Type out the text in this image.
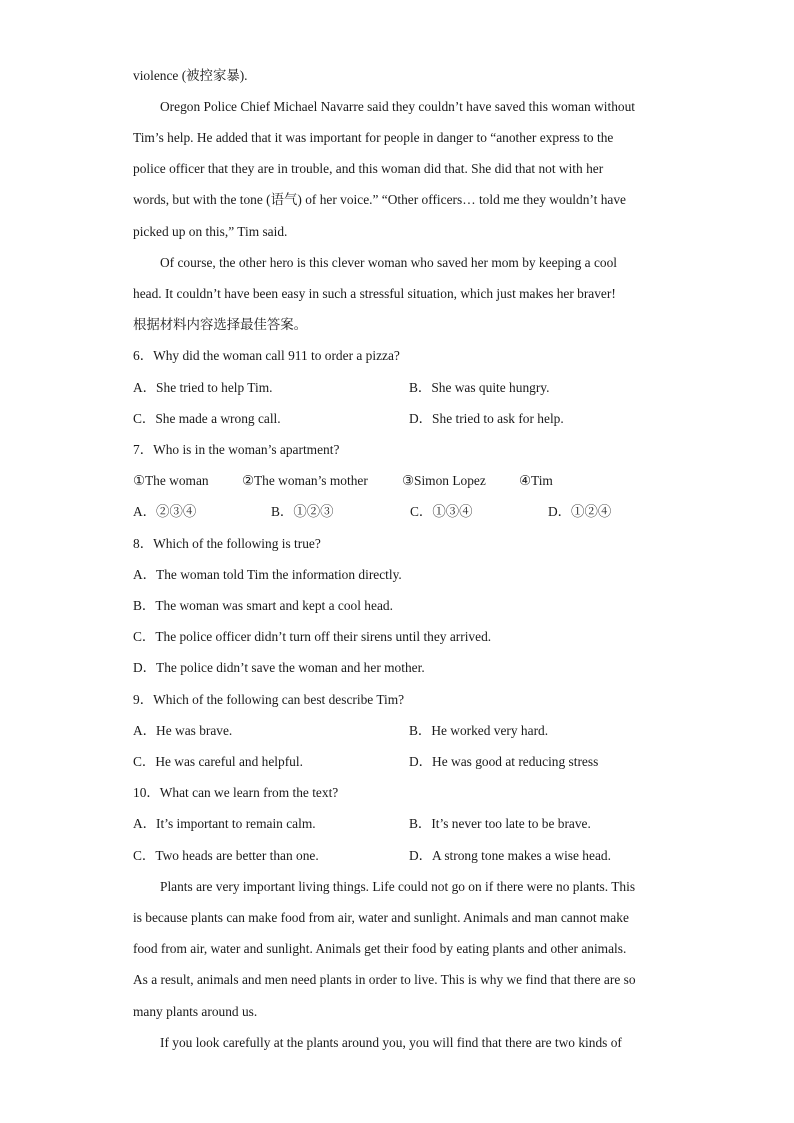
violence (被控家暴).
Oregon Police Chief Michael Navarre said they couldn’t have saved this woman without
Tim’s help. He added that it was important for people in danger to “another express to the
police officer that they are in trouble, and this woman did that. She did that not with her
words, but with the tone (语气) of her voice.” “Other officers… told me they wouldn’t have
picked up on this,” Tim said.
Of course, the other hero is this clever woman who saved her mom by keeping a cool
head. It couldn’t have been easy in such a stressful situation, which just makes her braver!
根据材料内容选择最佳答案。
6．Why did the woman call 911 to order a pizza?
A．She tried to help Tim.	B．She was quite hungry.
C．She made a wrong call.	D．She tried to ask for help.
7．Who is in the woman’s apartment?
①The woman ②The woman’s mother	③Simon Lopez ④Tim
A．②③④	B．①②③	C．①③④	D．①②④
8．Which of the following is true?
A．The woman told Tim the information directly.
B．The woman was smart and kept a cool head.
C．The police officer didn’t turn off their sirens until they arrived.
D．The police didn’t save the woman and her mother.
9．Which of the following can best describe Tim?
A．He was brave.	B．He worked very hard.
C．He was careful and helpful.	D．He was good at reducing stress
10．What can we learn from the text?
A．It’s important to remain calm.	B．It’s never too late to be brave.
C．Two heads are better than one.	D．A strong tone makes a wise head.
Plants are very important living things. Life could not go on if there were no plants. This
is because plants can make food from air, water and sunlight. Animals and man cannot make
food from air, water and sunlight. Animals get their food by eating plants and other animals.
As a result, animals and men need plants in order to live. This is why we find that there are so
many plants around us.
If you look carefully at the plants around you, you will find that there are two kinds of
